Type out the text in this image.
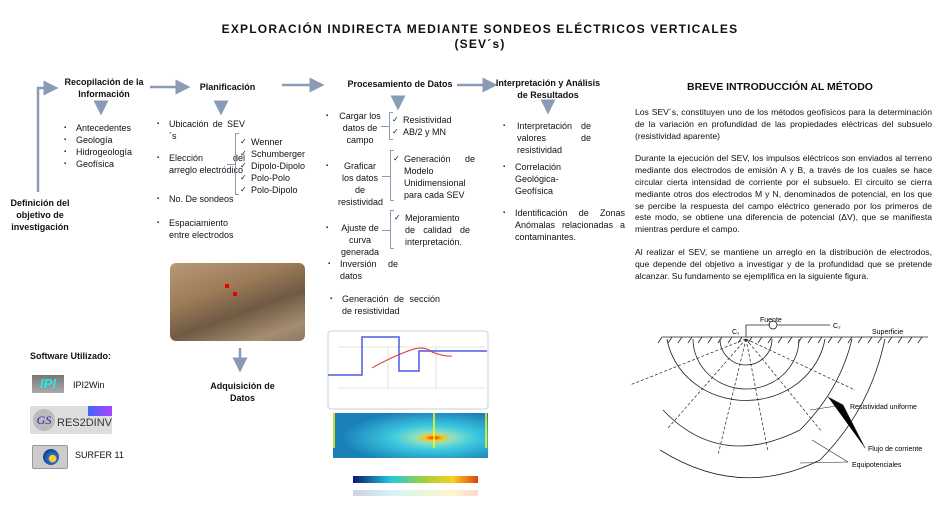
EXPLORACIÓN INDIRECTA MEDIANTE SONDEOS ELÉCTRICOS VERTICALES
(SEV´s)
Definición del objetivo de investigación
Recopilación de la Información
▪ Antecedentes
▪ Geología
▪ Hidrogeología
▪ Geofísica
Planificación
▪ Ubicación de SEV´s
▪ Elección del arreglo electródico
▪ No. De sondeos
▪ Espaciamiento entre electrodos
✓ Wenner
✓ Schumberger
✓ Dipolo-Dipolo
✓ Polo-Polo
✓ Polo-Dipolo
Adquisición de Datos
Procesamiento de Datos
▪ Cargar los datos de campo
▪ Graficar los datos de resistividad
▪ Ajuste de curva generada
▪ Inversión de datos
▪ Generación de sección de resistividad
✓ Resistividad
✓ AB/2 y MN
✓ Generación de Modelo Unidimensional para cada SEV
✓ Mejoramiento de calidad de interpretación.
Interpretación y Análisis de Resultados
▪ Interpretación de valores de resistividad
▪ Correlación Geológica-Geofísica
▪ Identificación de Zonas Anómalas relacionadas a contaminantes.
Software Utilizado:
IPI	IPI2Win
GS RES2DINV
SURFER 11
BREVE INTRODUCCIÓN AL MÉTODO

Los SEV´s, constituyen uno de los métodos geofísicos para la determinación de la variación en profundidad de las propiedades eléctricas del subsuelo (resistividad aparente)

Durante la ejecución del SEV, los impulsos eléctricos son enviados al terreno mediante dos electrodos de emisión A y B, a través de los cuales se hace circular cierta intensidad de corriente por el subsuelo. El circuito se cierra mediante otros dos electrodos M y N, denominados de potencial, en los que se percibe la respuesta del campo eléctrico generado por los primeros de este modo, se obtiene una diferencia de potencial (ΔV), que se manifiesta mientras perdure el campo.

Al realizar el SEV, se mantiene un arreglo en la distribución de electrodos, que depende del objetivo a investigar y de la profundidad que se pretende alcanzar. Su fundamento se ejemplifica en la siguiente figura.

Fuente
C₁
C₂
Superficie
Resistividad uniforme
Flujo de corriente
Equipotenciales
